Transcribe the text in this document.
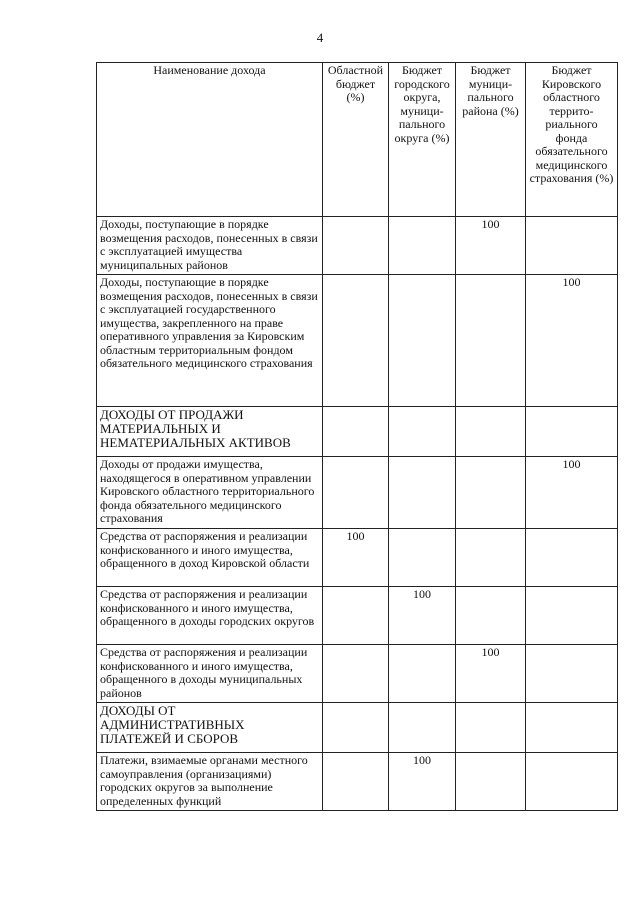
4
Наименование дохода	Областной бюджет (%)	Бюджет городского округа, муници-пального округа (%)	Бюджет муници-пального района (%)	Бюджет Кировского областного террито-риального фонда обязательного медицинского страхования (%)
Доходы, поступающие в порядке возмещения расходов, понесенных в связи с эксплуатацией имущества муниципальных районов			100	
Доходы, поступающие в порядке возмещения расходов, понесенных в связи с эксплуатацией государственного имущества, закрепленного на праве оперативного управления за Кировским областным территориальным фондом обязательного медицинского страхования				100
ДОХОДЫ ОТ ПРОДАЖИ МАТЕРИАЛЬНЫХ И НЕМАТЕРИАЛЬНЫХ АКТИВОВ				
Доходы от продажи имущества, находящегося в оперативном управлении Кировского областного территориального фонда обязательного медицинского страхования				100
Средства от распоряжения и реализации конфискованного и иного имущества, обращенного в доход Кировской области	100			
Средства от распоряжения и реализации конфискованного и иного имущества, обращенного в доходы городских округов		100		
Средства от распоряжения и реализации конфискованного и иного имущества, обращенного в доходы муниципальных районов			100	
ДОХОДЫ ОТ АДМИНИСТРАТИВНЫХ ПЛАТЕЖЕЙ И СБОРОВ				
Платежи, взимаемые органами местного самоуправления (организациями) городских округов за выполнение определенных функций		100		
